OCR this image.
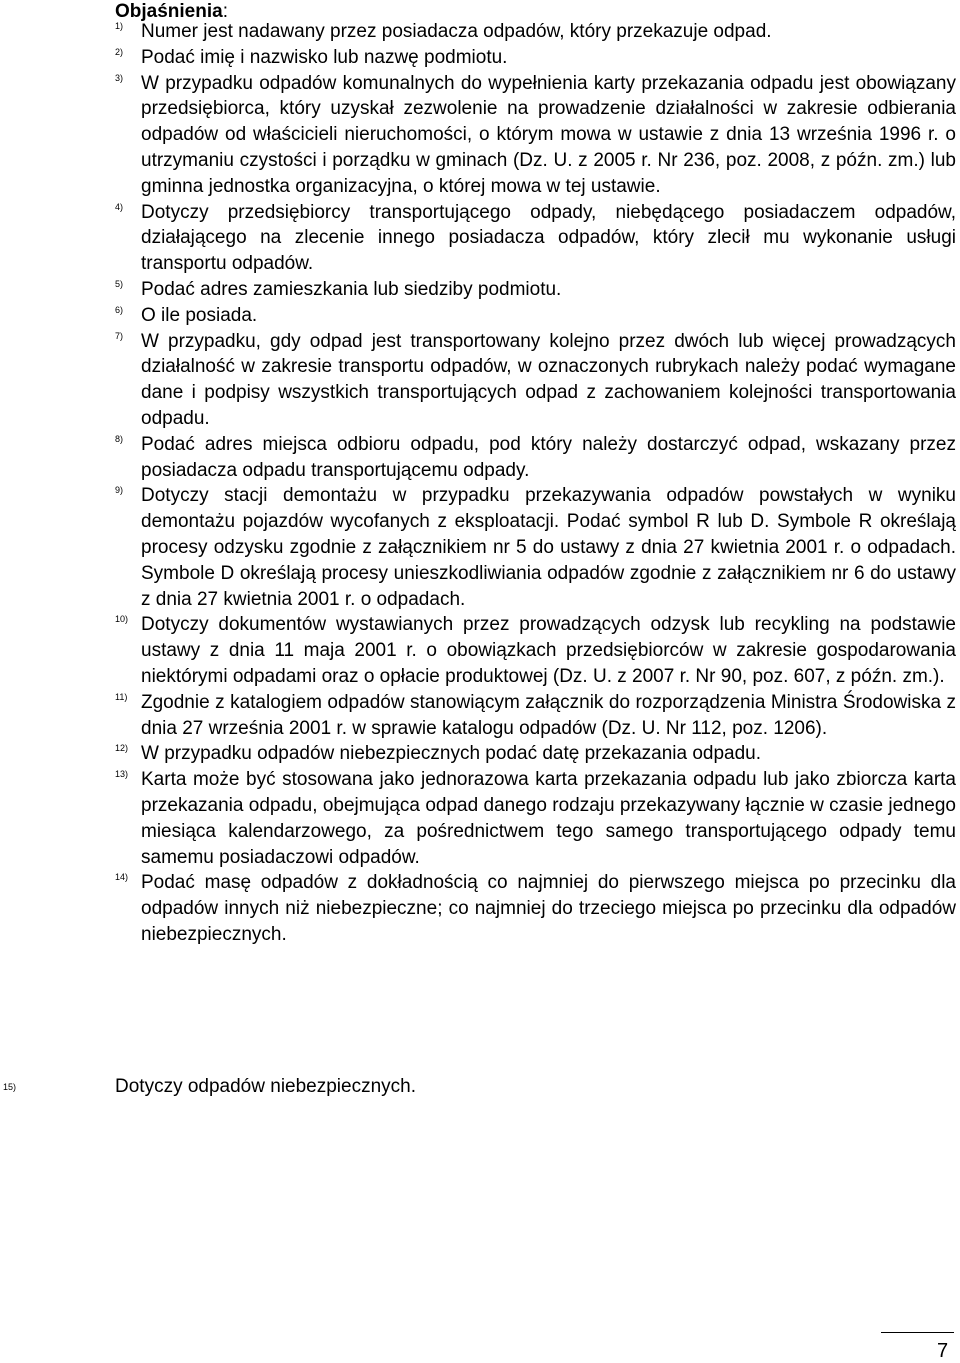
Objaśnienia:
1) Numer jest nadawany przez posiadacza odpadów, który przekazuje odpad.
2) Podać imię i nazwisko lub nazwę podmiotu.
3) W przypadku odpadów komunalnych do wypełnienia karty przekazania odpadu jest obowiązany przedsiębiorca, który uzyskał zezwolenie na prowadzenie działalności w zakresie odbierania odpadów od właścicieli nieruchomości, o którym mowa w ustawie z dnia 13 września 1996 r. o utrzymaniu czystości i porządku w gminach (Dz. U. z 2005 r. Nr 236, poz. 2008, z późn. zm.) lub gminna jednostka organizacyjna, o której mowa w tej ustawie.
4) Dotyczy przedsiębiorcy transportującego odpady, niebędącego posiadaczem odpadów, działającego na zlecenie innego posiadacza odpadów, który zlecił mu wykonanie usługi transportu odpadów.
5) Podać adres zamieszkania lub siedziby podmiotu.
6) O ile posiada.
7) W przypadku, gdy odpad jest transportowany kolejno przez dwóch lub więcej prowadzących działalność w zakresie transportu odpadów, w oznaczonych rubrykach należy podać wymagane dane i podpisy wszystkich transportujących odpad z zachowaniem kolejności transportowania odpadu.
8) Podać adres miejsca odbioru odpadu, pod który należy dostarczyć odpad, wskazany przez posiadacza odpadu transportującemu odpady.
9) Dotyczy stacji demontażu w przypadku przekazywania odpadów powstałych w wyniku demontażu pojazdów wycofanych z eksploatacji. Podać symbol R lub D. Symbole R określają procesy odzysku zgodnie z załącznikiem nr 5 do ustawy z dnia 27 kwietnia 2001 r. o odpadach. Symbole D określają procesy unieszkodliwiania odpadów zgodnie z załącznikiem nr 6 do ustawy z dnia 27 kwietnia 2001 r. o odpadach.
10) Dotyczy dokumentów wystawianych przez prowadzących odzysk lub recykling na podstawie ustawy z dnia 11 maja 2001 r. o obowiązkach przedsiębiorców w zakresie gospodarowania niektórymi odpadami oraz o opłacie produktowej (Dz. U. z 2007 r. Nr 90, poz. 607, z późn. zm.).
11) Zgodnie z katalogiem odpadów stanowiącym załącznik do rozporządzenia Ministra Środowiska z dnia 27 września 2001 r. w sprawie katalogu odpadów (Dz. U. Nr 112, poz. 1206).
12) W przypadku odpadów niebezpiecznych podać datę przekazania odpadu.
13) Karta może być stosowana jako jednorazowa karta przekazania odpadu lub jako zbiorcza karta przekazania odpadu, obejmująca odpad danego rodzaju przekazywany łącznie w czasie jednego miesiąca kalendarzowego, za pośrednictwem tego samego transportującego odpady temu samemu posiadaczowi odpadów.
14) Podać masę odpadów z dokładnością co najmniej do pierwszego miejsca po przecinku dla odpadów innych niż niebezpieczne; co najmniej do trzeciego miejsca po przecinku dla odpadów niebezpiecznych.
15)	Dotyczy odpadów niebezpiecznych.
7
